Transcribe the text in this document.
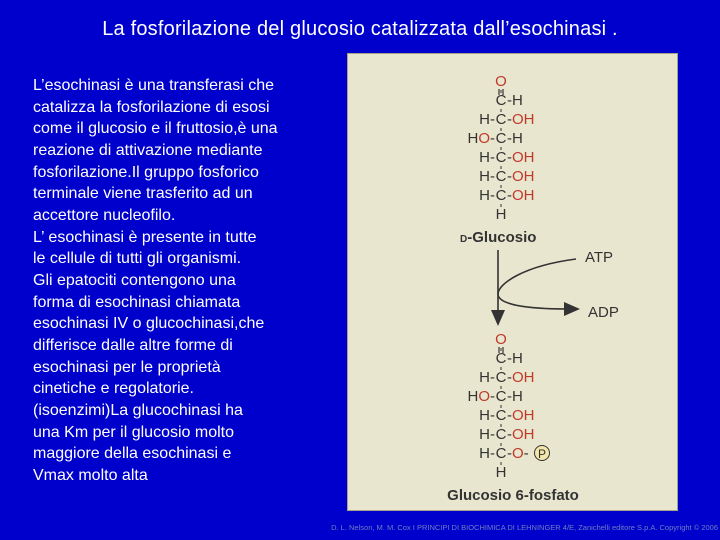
La fosforilazione del glucosio catalizzata dall’esochinasi .

L’esochinasi è una transferasi che
catalizza la fosforilazione di esosi
come il glucosio e il fruttosio,è una
reazione di attivazione mediante
fosforilazione.Il gruppo fosforico
terminale viene trasferito ad un
accettore nucleofilo.

L’ esochinasi è presente in tutte
le cellule di tutti gli organismi.

Gli epatociti contengono una
forma di esochinasi chiamata
esochinasi IV o glucochinasi,che
differisce dalle altre forme di
esochinasi per le proprietà
cinetiche e regolatorie.
(isoenzimi)La glucochinasi ha
una Km per il glucosio molto
maggiore della esochinasi e
Vmax molto alta

O
C -H
C
H- -OH
C
HO- -H
C
H- -OH
C
H- -OH
C
H- -OH
H
D-Glucosio
ATP
ADP
O
C -H
C
H- -OH
C
HO- -H
C
H- -OH
C
H- -OH
C
H- -O-
H
P
Glucosio 6-fosfato
D. L. Nelson, M. M. Cox I PRINCIPI DI BIOCHIMICA DI LEHNINGER 4/E, Zanichelli editore S.p.A. Copyright © 2006
